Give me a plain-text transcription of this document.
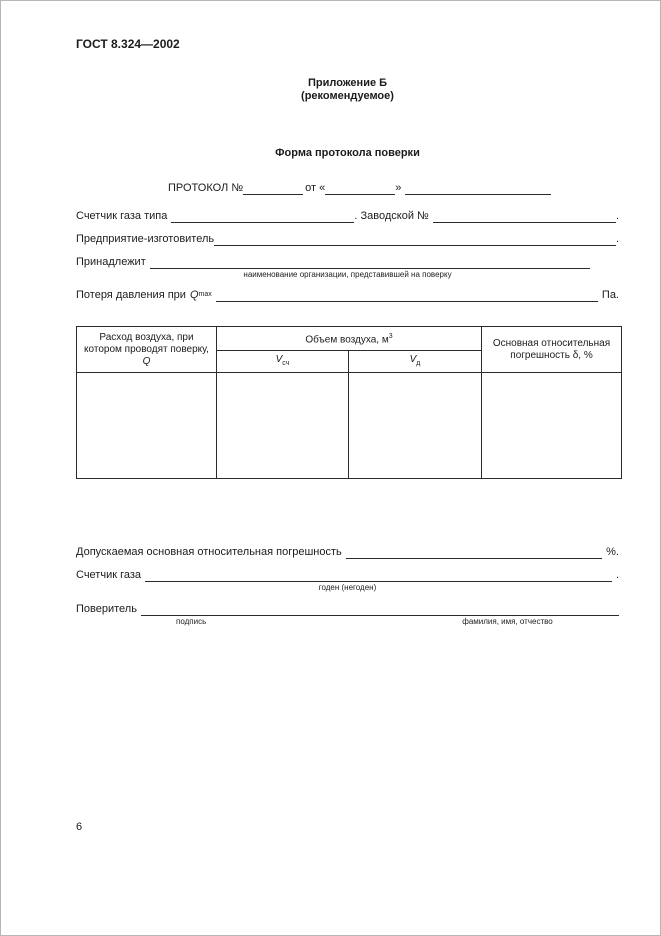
ГОСТ 8.324—2002
Приложение Б
(рекомендуемое)
Форма протокола поверки
ПРОТОКОЛ №	от «	»
Счетчик газа типа	. Заводской №	.
Предприятие-изготовитель	.
Принадлежит
наименование организации, представившей на поверку
Потеря давления при Q max	Па.
Расход воздуха, при котором проводят поверку, Q	Объем воздуха, $м^3$		Основная относительная погрешность δ, %
	$V_{сч}$	$V_д$

Допускаемая основная относительная погрешность	%.
Счетчик газа	.
годен (негоден)
Поверитель
подпись	фамилия, имя, отчество
6
